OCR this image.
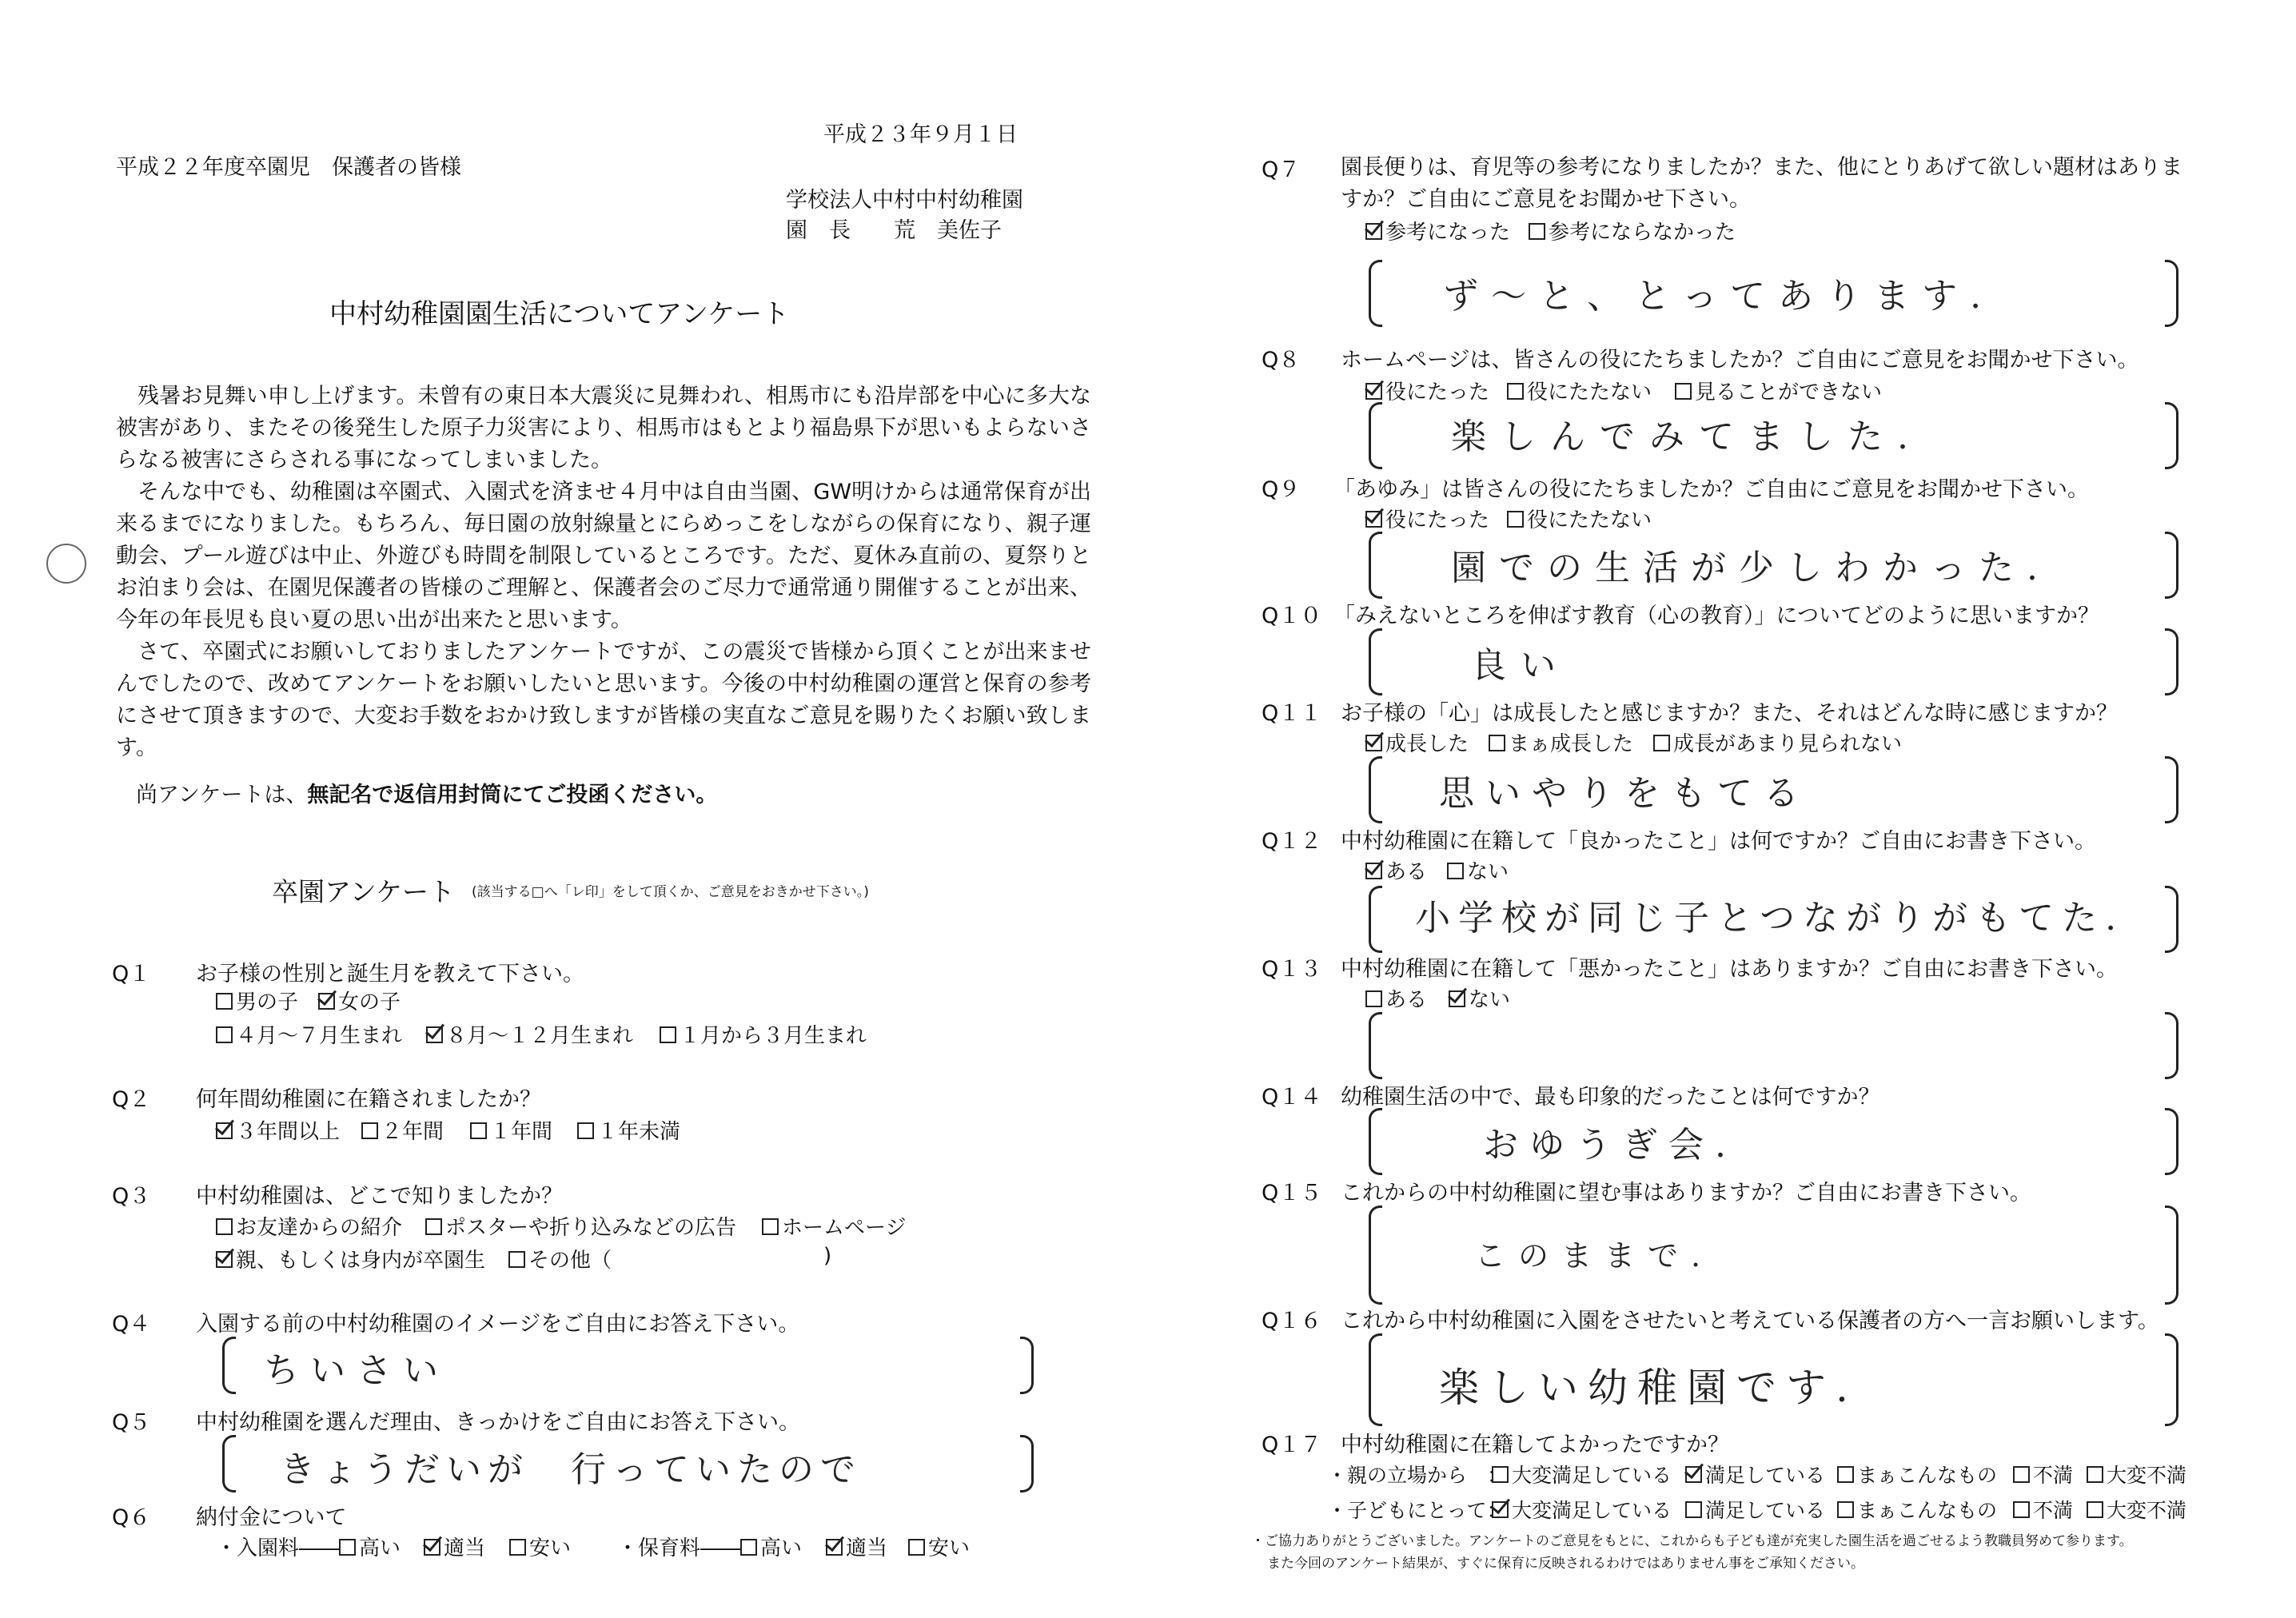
平成２３年９月１日
平成２２年度卒園児　保護者の皆様
学校法人中村中村幼稚園
園　長　　荒　美佐子
中村幼稚園園生活についてアンケート
残暑お見舞い申し上げます。未曾有の東日本大震災に見舞われ、相馬市にも沿岸部を中心に多大な被害があり、またその後発生した原子力災害により、相馬市はもとより福島県下が思いもよらないさらなる被害にさらされる事になってしまいました。
そんな中でも、幼稚園は卒園式、入園式を済ませ４月中は自由当園、GW明けからは通常保育が出来るまでになりました。もちろん、毎日園の放射線量とにらめっこをしながらの保育になり、親子運動会、プール遊びは中止、外遊びも時間を制限しているところです。ただ、夏休み直前の、夏祭りとお泊まり会は、在園児保護者の皆様のご理解と、保護者会のご尽力で通常通り開催することが出来、今年の年長児も良い夏の思い出が出来たと思います。
さて、卒園式にお願いしておりましたアンケートですが、この震災で皆様から頂くことが出来ませんでしたので、改めてアンケートをお願いしたいと思います。今後の中村幼稚園の運営と保育の参考にさせて頂きますので、大変お手数をおかけ致しますが皆様の実直なご意見を賜りたくお願い致します。
尚アンケートは、無記名で返信用封筒にてご投函ください。
卒園アンケート (該当する□へ「レ印」をして頂くか、ご意見をおきかせ下さい。)
Q１ お子様の性別と誕生月を教えて下さい。
男の子	女の子
４月～７月生まれ	８月～１２月生まれ	１月から３月生まれ
Q２ 何年間幼稚園に在籍されましたか？
３年間以上	２年間	１年間	１年未満
Q３ 中村幼稚園は、どこで知りましたか？
お友達からの紹介	ポスターや折り込みなどの広告	ホームページ
親、もしくは身内が卒園生	その他（	)
Q４ 入園する前の中村幼稚園のイメージをご自由にお答え下さい。
ちいさい
Q５ 中村幼稚園を選んだ理由、きっかけをご自由にお答え下さい。
きょうだいが　行っていたので
Q６ 納付金について
・入園料―― 高い	適当	安い ・保育料―― 高い	適当	安い
Q７ 園長便りは、育児等の参考になりましたか？また、他にとりあげて欲しい題材はありますか？ご自由にご意見をお聞かせ下さい。
参考になった	参考にならなかった
ず～と、とってあります.
Q８ ホームページは、皆さんの役にたちましたか？ご自由にご意見をお聞かせ下さい。
役にたった	役にたたない	見ることができない
楽しんでみてました.
Q９ 「あゆみ」は皆さんの役にたちましたか？ご自由にご意見をお聞かせ下さい。
役にたった	役にたたない
園での生活が少しわかった.
Q１０ 「みえないところを伸ばす教育（心の教育）」についてどのように思いますか？
良い
Q１１ お子様の「心」は成長したと感じますか？また、それはどんな時に感じますか？
成長した	まぁ成長した	成長があまり見られない
思いやりをもてる
Q１２ 中村幼稚園に在籍して「良かったこと」は何ですか？ご自由にお書き下さい。
ある	ない
小学校が同じ子とつながりがもてた.
Q１３ 中村幼稚園に在籍して「悪かったこと」はありますか？ご自由にお書き下さい。
ある	ない
Q１４ 幼稚園生活の中で、最も印象的だったことは何ですか？
おゆうぎ会.
Q１５ これからの中村幼稚園に望む事はありますか？ご自由にお書き下さい。
このままで.
Q１６ これから中村幼稚園に入園をさせたいと考えている保護者の方へ一言お願いします。
楽しい幼稚園です.
Q１７ 中村幼稚園に在籍してよかったですか？
・親の立場から　： 大変満足している	満足している	まぁこんなもの	不満	大変不満
・子どもにとって： 大変満足している	満足している	まぁこんなもの	不満	大変不満
・ご協力ありがとうございました。アンケートのご意見をもとに、これからも子ども達が充実した園生活を過ごせるよう教職員努めて参ります。
また今回のアンケート結果が、すぐに保育に反映されるわけではありません事をご承知ください。
